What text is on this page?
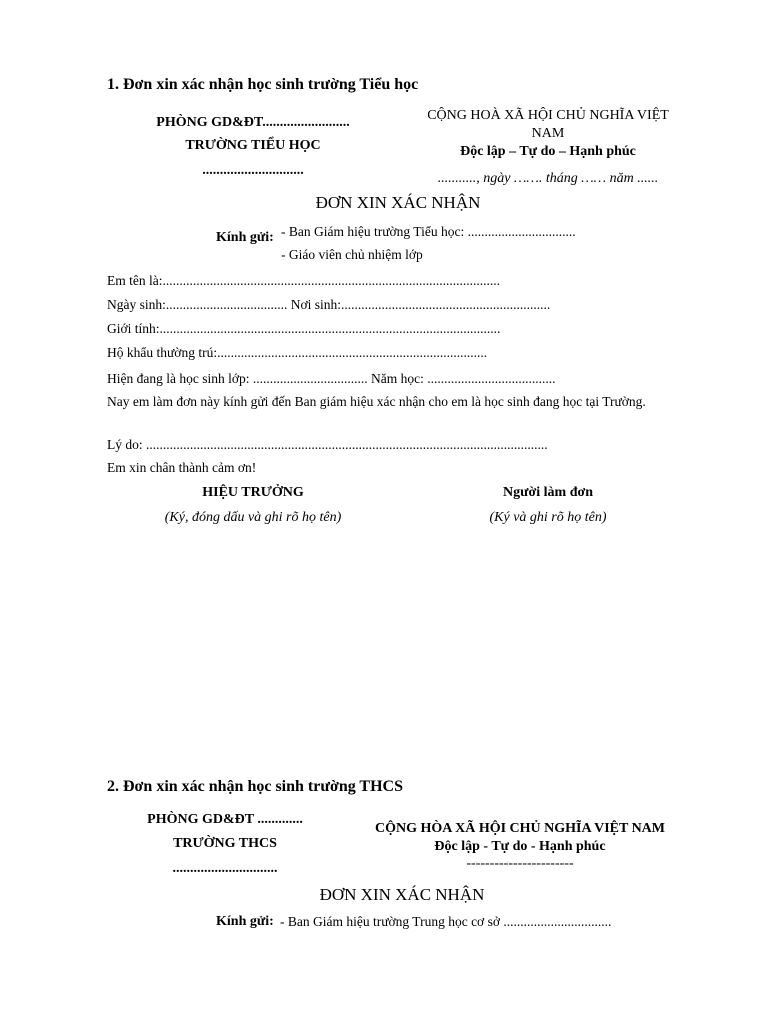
1. Đơn xin xác nhận học sinh trường Tiểu học
PHÒNG GD&ĐT.........................
TRƯỜNG TIỂU HỌC
.............................
CỘNG HOÀ XÃ HỘI CHỦ NGHĨA VIỆT
NAM
Độc lập – Tự do – Hạnh phúc
..........., ngày ……. tháng …… năm ......
ĐƠN XIN XÁC NHẬN
Kính gửi: - Ban Giám hiệu trường Tiểu học: ................................
- Giáo viên chủ nhiệm lớp
Em tên là:....................................................................................................
Ngày sinh:.................................... Nơi sinh:..............................................................
Giới tính:.....................................................................................................
Hộ khẩu thường trú:................................................................................
Hiện đang là học sinh lớp: .................................. Năm học: ......................................
Nay em làm đơn này kính gửi đến Ban giám hiệu xác nhận cho em là học sinh đang học tại Trường.
Lý do: .......................................................................................................................
Em xin chân thành cảm ơn!
HIỆU TRƯỞNG
(Ký, đóng dấu và ghi rõ họ tên)
Người làm đơn
(Ký và ghi rõ họ tên)
2. Đơn xin xác nhận học sinh trường THCS
PHÒNG GD&ĐT .............
TRƯỜNG THCS
..............................
CỘNG HÒA XÃ HỘI CHỦ NGHĨA VIỆT NAM
Độc lập - Tự do - Hạnh phúc
-----------------------
ĐƠN XIN XÁC NHẬN
Kính gửi: - Ban Giám hiệu trường Trung học cơ sở ................................
